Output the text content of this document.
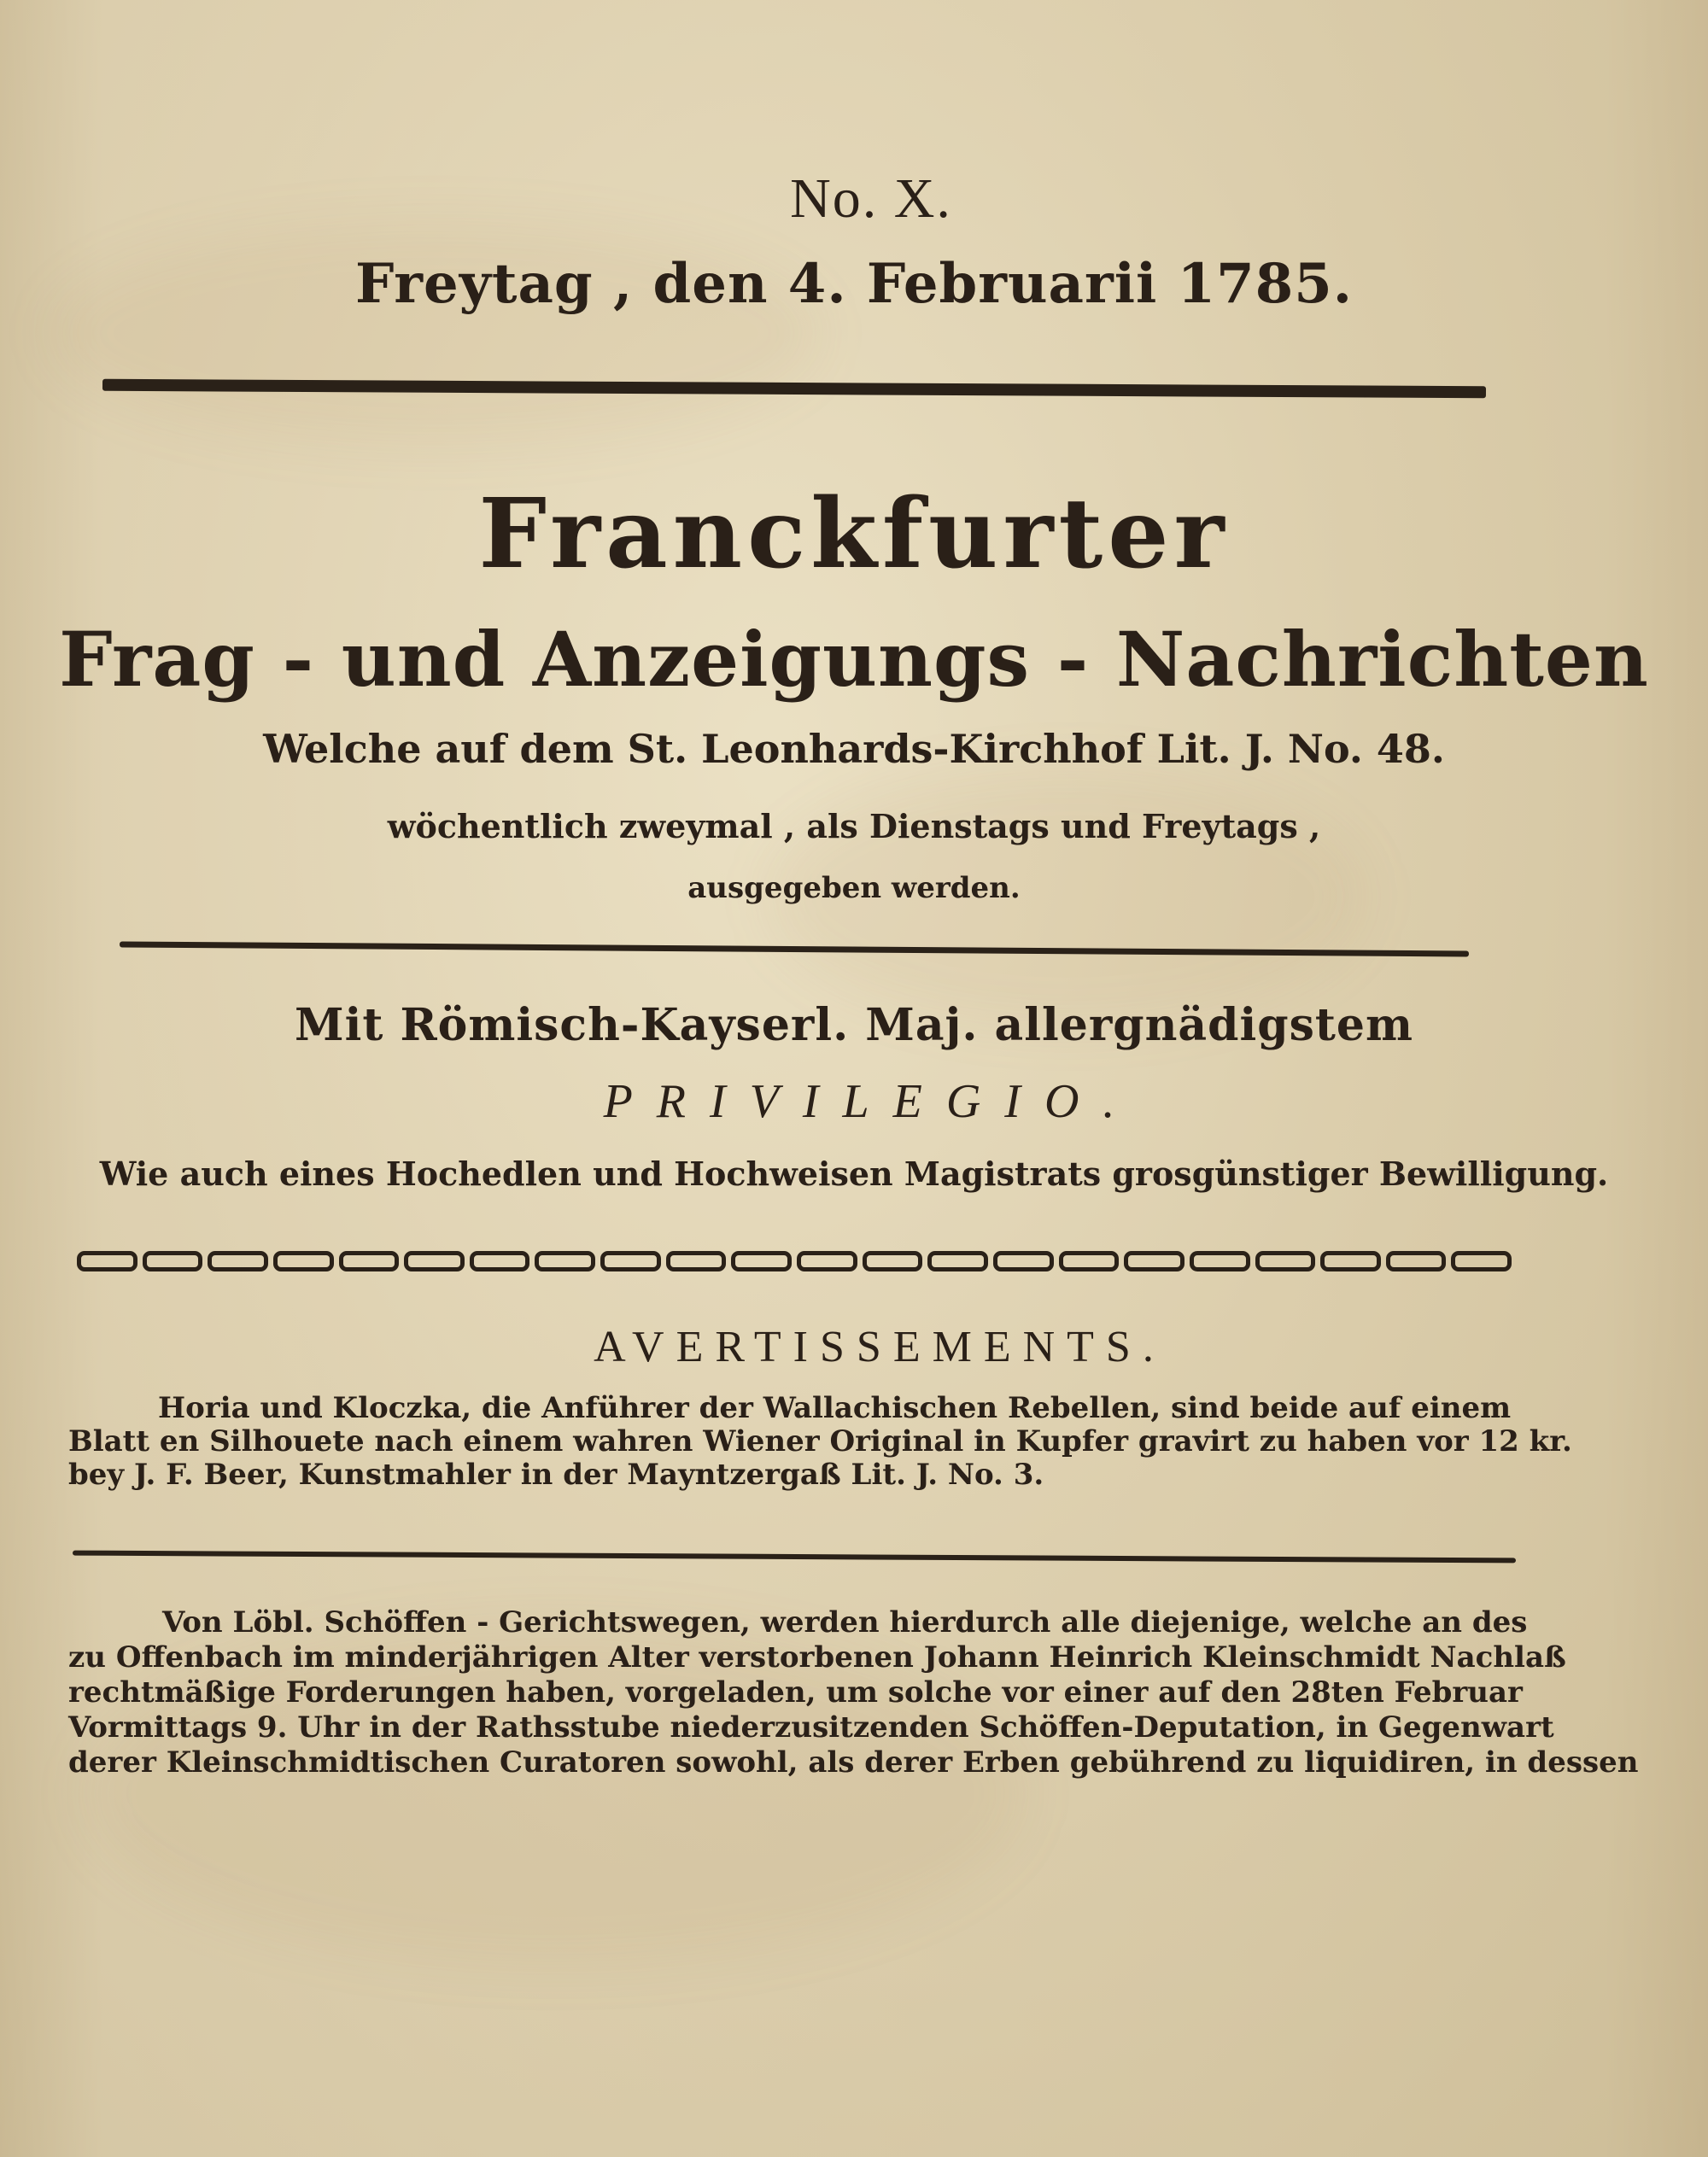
No. X.
Freytag , den 4. Februarii 1785.
Franckfurter
Frag - und Anzeigungs - Nachrichten
Welche auf dem St. Leonhards-Kirchhof Lit. J. No. 48.
wöchentlich zweymal , als Dienstags und Freytags ,
ausgegeben werden.
Mit Römisch-Kayserl. Maj. allergnädigstem
PRIVILEGIO.
Wie auch eines Hochedlen und Hochweisen Magistrats grosgünstiger Bewilligung.
AVERTISSEMENTS.

Horia und Kloczka, die Anführer der Wallachischen Rebellen, sind beide auf einem

Blatt en Silhouete nach einem wahren Wiener Original in Kupfer gravirt zu haben vor 12 kr.

bey J. F. Beer, Kunstmahler in der Mayntzergaß Lit. J. No. 3.

Von Löbl. Schöffen - Gerichtswegen, werden hierdurch alle diejenige, welche an des

zu Offenbach im minderjährigen Alter verstorbenen Johann Heinrich Kleinschmidt Nachlaß

rechtmäßige Forderungen haben, vorgeladen, um solche vor einer auf den 28ten Februar

Vormittags 9. Uhr in der Rathsstube niederzusitzenden Schöffen-Deputation, in Gegenwart

derer Kleinschmidtischen Curatoren sowohl, als derer Erben gebührend zu liquidiren, in dessen
